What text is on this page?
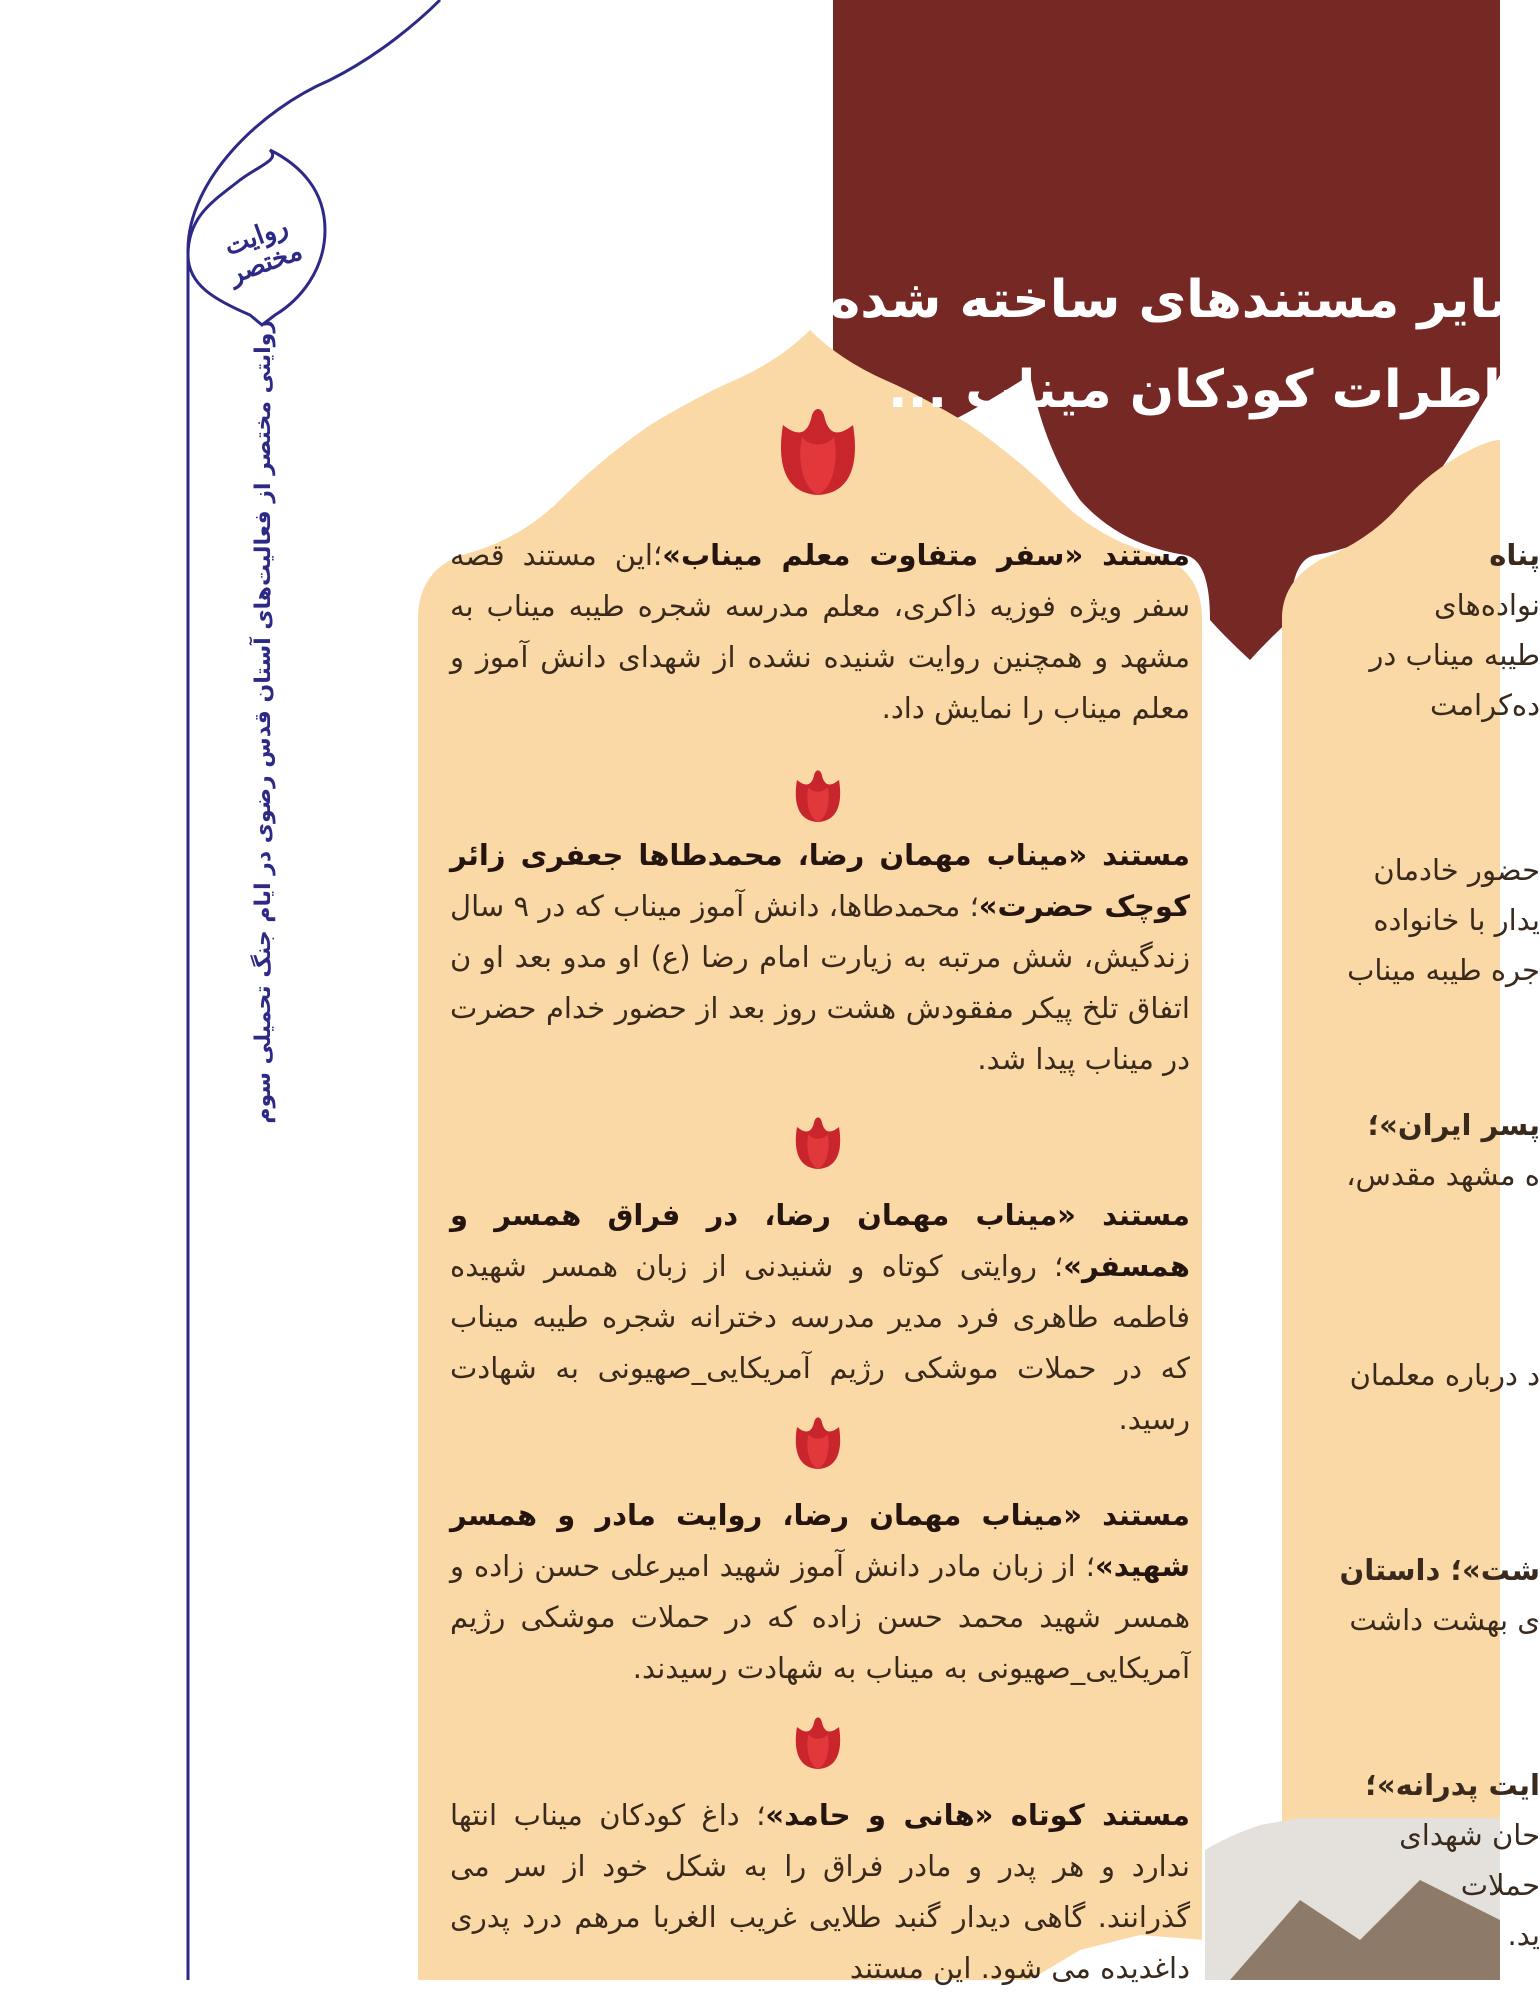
روایت مختصر
روایتی مختصر از فعالیت‌های آستان قدس رضوی در ایام جنگ تحمیلی سوم
سایر مستندهای ساخته شده
خاطرات کودکان میناب ...

مستند «سفر متفاوت معلم میناب»؛این مستند قصه سفر ویژه فوزیه ذاکری، معلم مدرسه شجره طیبه میناب به مشهد و همچنین روایت شنیده نشده از شهدای دانش آموز و معلم میناب را نمایش داد.

مستند «میناب مهمان رضا، محمدطاها جعفری زائر کوچک حضرت»؛ محمدطاها، دانش آموز میناب که در ۹ سال زندگیش، شش مرتبه به زیارت امام رضا (ع) او مدو بعد او ن اتفاق تلخ پیکر مفقودش هشت روز بعد از حضور خدام حضرت در میناب پیدا شد.

مستند «میناب مهمان رضا، در فراق همسر و همسفر»؛ روایتی کوتاه و شنیدنی از زبان همسر شهیده فاطمه طاهری فرد مدیر مدرسه دخترانه شجره طیبه میناب که در حملات موشکی رژیم آمریکایی_صهیونی به شهادت رسید.

مستند «میناب مهمان رضا، روایت مادر و همسر شهید»؛ از زبان مادر دانش آموز شهید امیرعلی حسن زاده و همسر شهید محمد حسن زاده که در حملات موشکی رژیم آمریکایی_صهیونی به میناب به شهادت رسیدند.

مستند کوتاه «هانی و حامد»؛ داغ کودکان میناب انتها ندارد و هر پدر و مادر فراق را به شکل خود از سر می گذرانند. گاهی دیدار گنبد طلایی غریب الغربا مرهم درد پدری داغدیده می شود. این مستند

پناه
نواده‌های
طیبه میناب در
ده‌کرامت
حضور خادمان
یدار با خانواده
جره طیبه میناب
پسر ایران»؛
ه مشهد مقدس،
د درباره معلمان
شت»؛ داستان
ی بهشت داشت
ایت پدرانه»؛
حان شهدای
حملات
ید.
